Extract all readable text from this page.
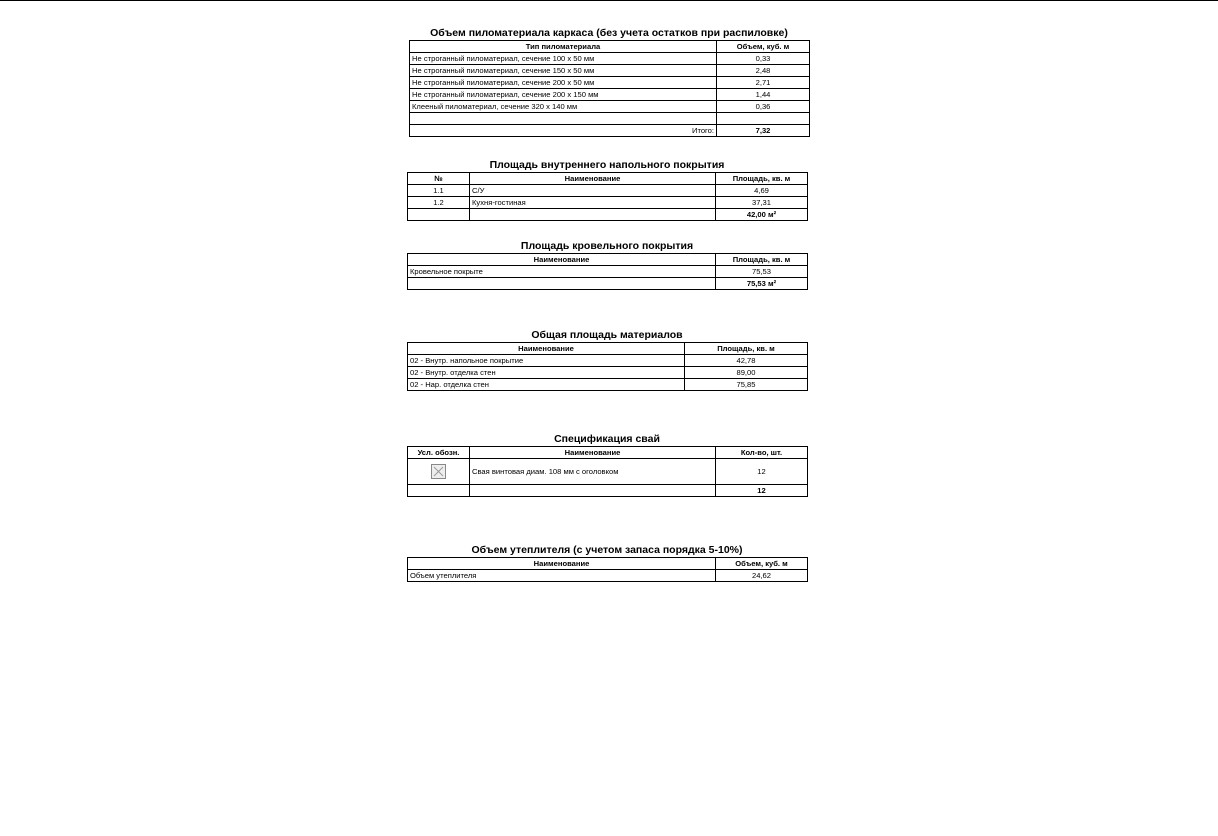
Объем пиломатериала каркаса (без учета остатков при распиловке)
Тип пиломатериала	Объем, куб. м
Не строганный пиломатериал, сечение 100 x 50 мм	0,33
Не строганный пиломатериал, сечение 150 x 50 мм	2,48
Не строганный пиломатериал, сечение 200 x 50 мм	2,71
Не строганный пиломатериал, сечение 200 x 150 мм	1,44
Клееный пиломатериал, сечение 320 x 140 мм	0,36

Итого:	7,32
Площадь внутреннего напольного покрытия
№	Наименование	Площадь, кв. м
1.1	С/У	4,69
1.2	Кухня-гостиная	37,31
		42,00 м²
Площадь кровельного покрытия
Наименование	Площадь, кв. м
Кровельное покрыте	75,53
	75,53 м²
Общая площадь материалов
Наименование	Площадь, кв. м
02 - Внутр. напольное покрытие	42,78
02 - Внутр. отделка стен	89,00
02 - Нар. отделка стен	75,85
Спецификация свай
Усл. обозн.	Наименование	Кол-во, шт.

	Свая винтовая диам. 108 мм с оголовком	12
		12
Объем утеплителя (с учетом запаса порядка 5-10%)
Наименование	Объем, куб. м
Объем утеплителя	24,62
